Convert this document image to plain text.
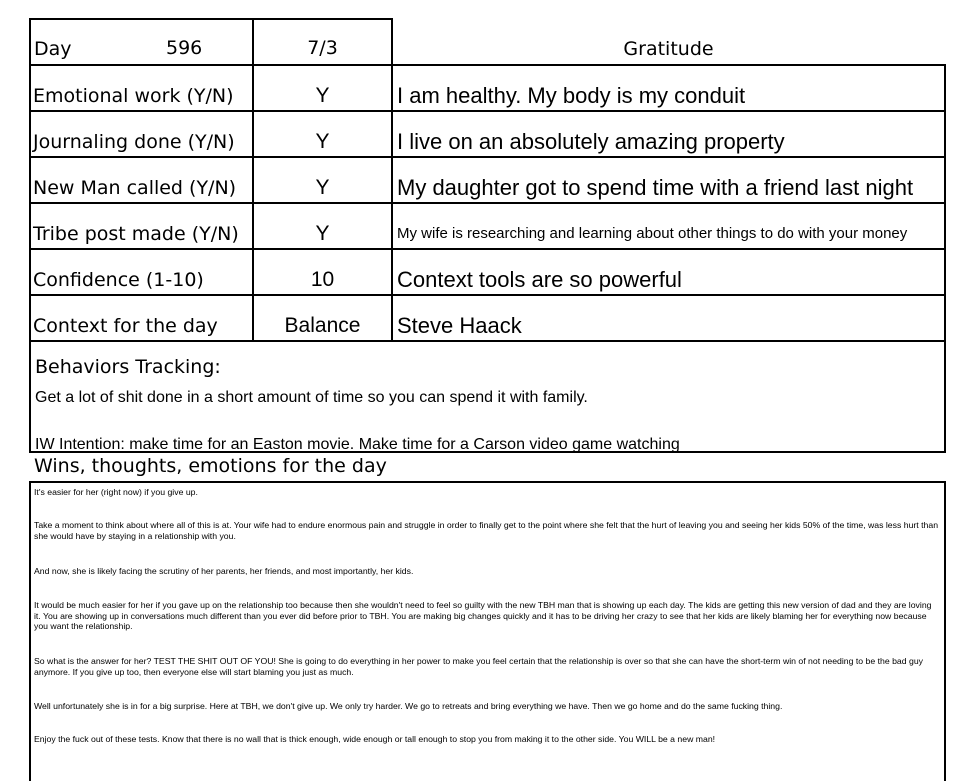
Day	596	7/3	Gratitude
Emotional work (Y/N)	Y	I am healthy. My body is my conduit
Journaling done (Y/N)	Y	I live on an absolutely amazing property
New Man called (Y/N)	Y	My daughter got to spend time with a friend last night
Tribe post made (Y/N)	Y	My wife is researching and learning about other things to do with your money
Confidence (1-10)	10	Context tools are so powerful
Context for the day	Balance	Steve Haack
Behaviors Tracking:
Get a lot of shit done in a short amount of time so you can spend it with family.
IW Intention: make time for an Easton movie. Make time for a Carson video game watching
Wins, thoughts, emotions for the day
It's easier for her (right now) if you give up.
Take a moment to think about where all of this is at. Your wife had to endure enormous pain and struggle in order to finally get to the point where she felt that the hurt of leaving you and seeing her kids 50% of the time, was less hurt than she would have by staying in a relationship with you.
And now, she is likely facing the scrutiny of her parents, her friends, and most importantly, her kids.
It would be much easier for her if you gave up on the relationship too because then she wouldn't need to feel so guilty with the new TBH man that is showing up each day. The kids are getting this new version of dad and they are loving it. You are showing up in conversations much different than you ever did before prior to TBH. You are making big changes quickly and it has to be driving her crazy to see that her kids are likely blaming her for everything now because you want the relationship.
So what is the answer for her? TEST THE SHIT OUT OF YOU! She is going to do everything in her power to make you feel certain that the relationship is over so that she can have the short-term win of not needing to be the bad guy anymore. If you give up too, then everyone else will start blaming you just as much.
Well unfortunately she is in for a big surprise. Here at TBH, we don't give up. We only try harder. We go to retreats and bring everything we have. Then we go home and do the same fucking thing.
Enjoy the fuck out of these tests. Know that there is no wall that is thick enough, wide enough or tall enough to stop you from making it to the other side. You WILL be a new man!
